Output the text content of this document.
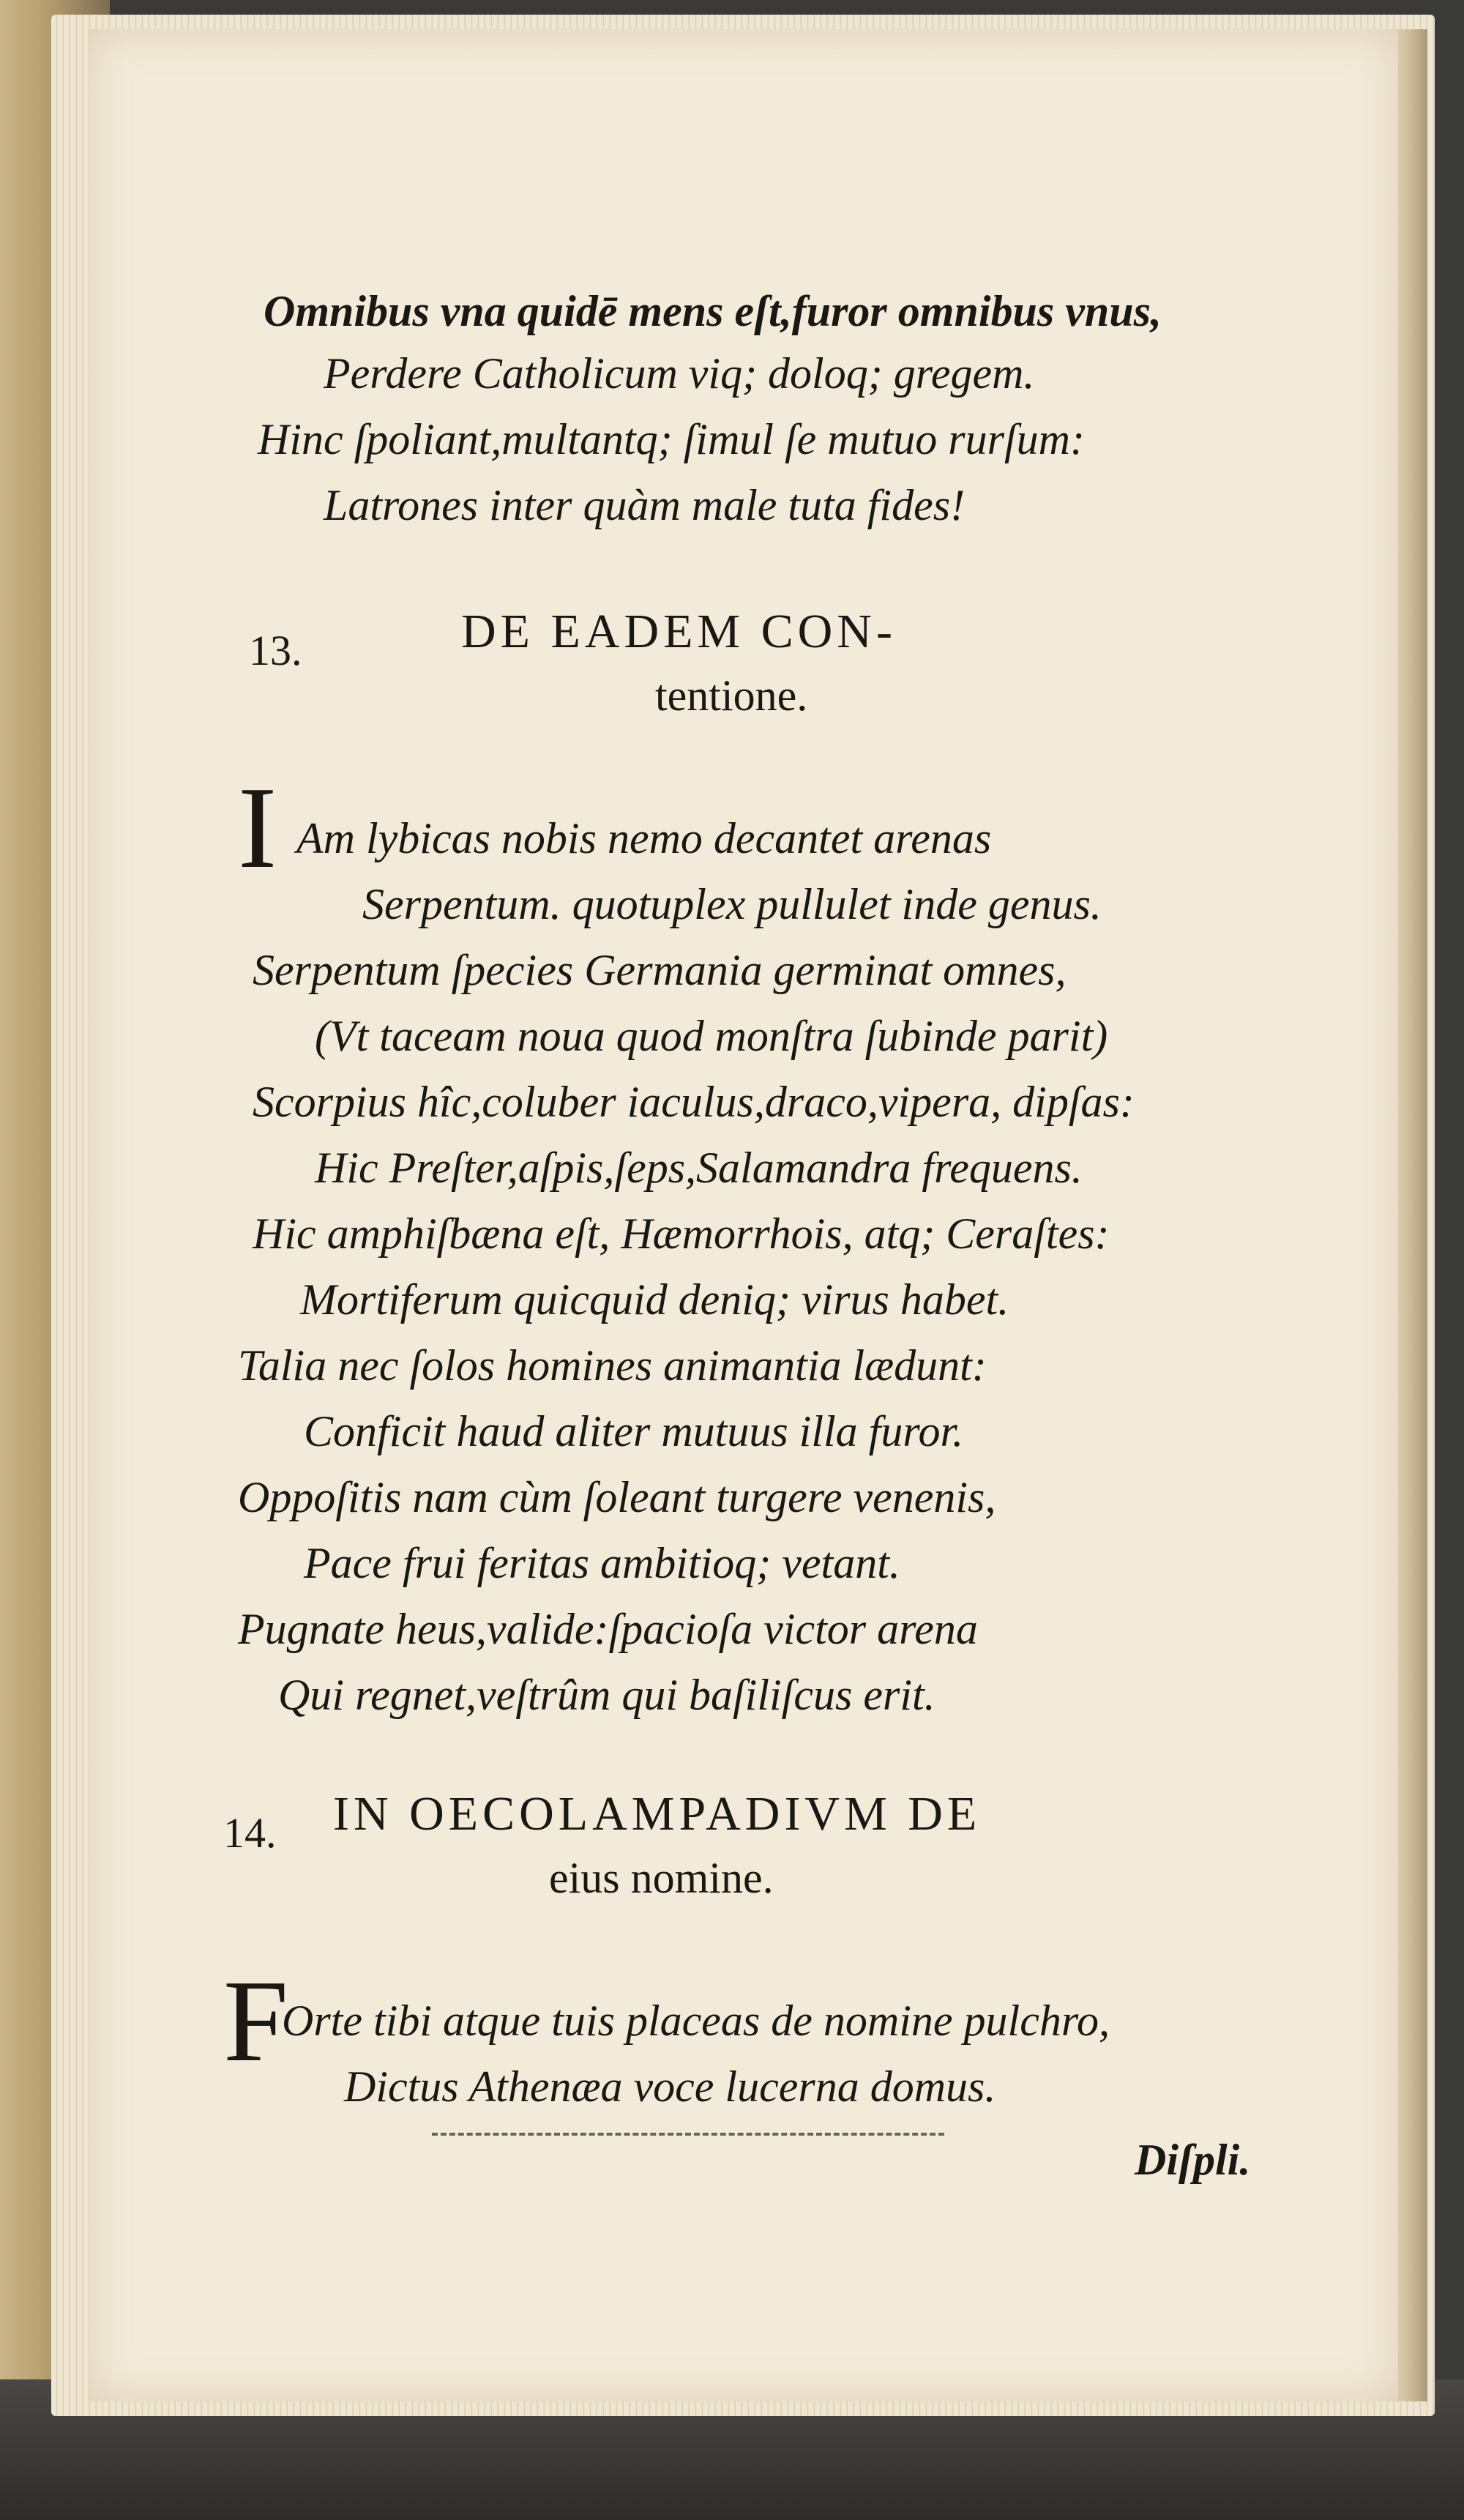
Omnibus vna quidē mens eſt,furor omnibus vnus,
Perdere Catholicum viq; doloq; gregem.
Hinc ſpoliant,multantq; ſimul ſe mutuo rurſum:
Latrones inter quàm male tuta fides!
13.	DE EADEM CON-
tentione.
I Am lybicas nobis nemo decantet arenas
Serpentum. quotuplex pullulet inde genus.
Serpentum ſpecies Germania germinat omnes,
(Vt taceam noua quod monſtra ſubinde parit)
Scorpius hîc,coluber iaculus,draco,vipera, dipſas:
Hic Preſter,aſpis,ſeps,Salamandra frequens.
Hic amphiſbæna eſt, Hæmorrhois, atq; Ceraſtes:
Mortiferum quicquid deniq; virus habet.
Talia nec ſolos homines animantia lædunt:
Conficit haud aliter mutuus illa furor.
Oppoſitis nam cùm ſoleant turgere venenis,
Pace frui feritas ambitioq; vetant.
Pugnate heus,valide:ſpacioſa victor arena
Qui regnet,veſtrûm qui baſiliſcus erit.
14. IN OECOLAMPADIVM DE
eius nomine.
F
Orte tibi atque tuis placeas de nomine pulchro,
Dictus Athenæa voce lucerna domus.
Diſpli.
